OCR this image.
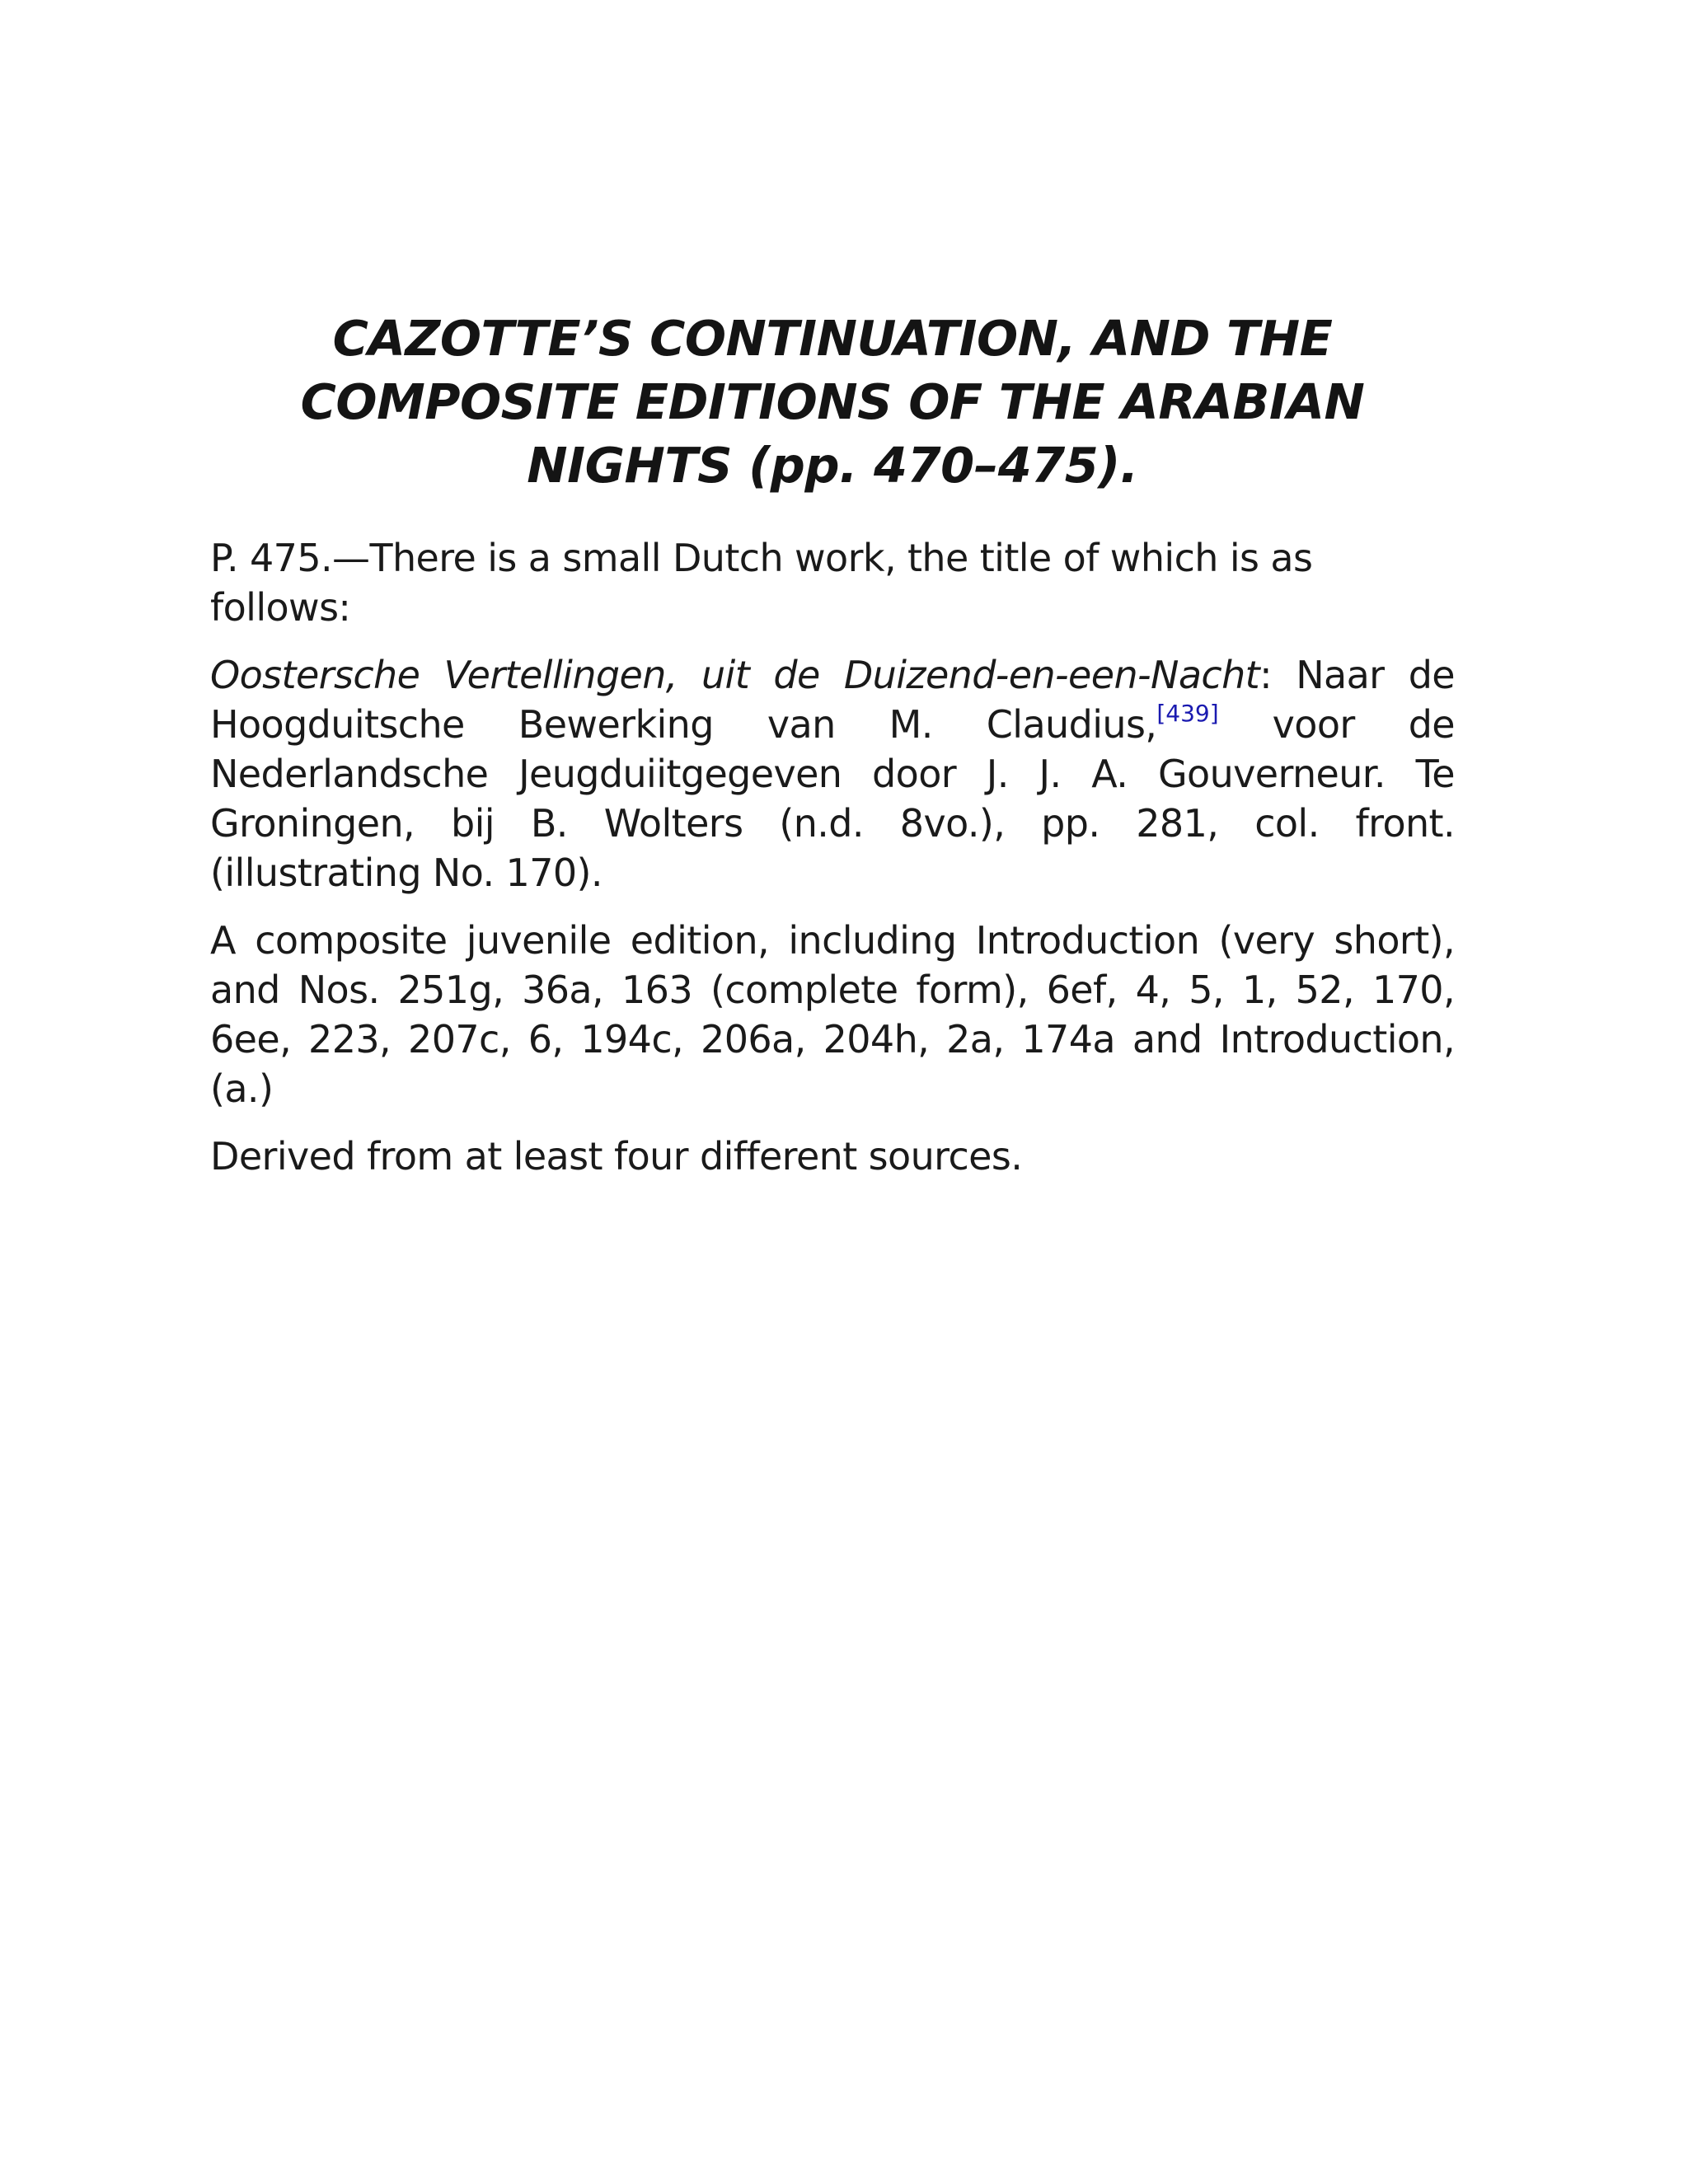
CAZOTTE’S CONTINUATION, AND THE
COMPOSITE EDITIONS OF THE ARABIAN
NIGHTS (pp. 470–475).

P. 475.—There is a small Dutch work, the title of which is as follows:

Oostersche Vertellingen, uit de Duizend-en-een-Nacht: Naar de Hoogduitsche Bewerking van M. Claudius,[439] voor de Nederlandsche Jeugduiitgegeven door J. J. A. Gouverneur. Te Groningen, bij B. Wolters (n.d. 8vo.), pp. 281, col. front. (illustrating No. 170).

A composite juvenile edition, including Introduction (very short), and Nos. 251g, 36a, 163 (complete form), 6ef, 4, 5, 1, 52, 170, 6ee, 223, 207c, 6, 194c, 206a, 204h, 2a, 174a and Introduction, (a.)

Derived from at least four different sources.
